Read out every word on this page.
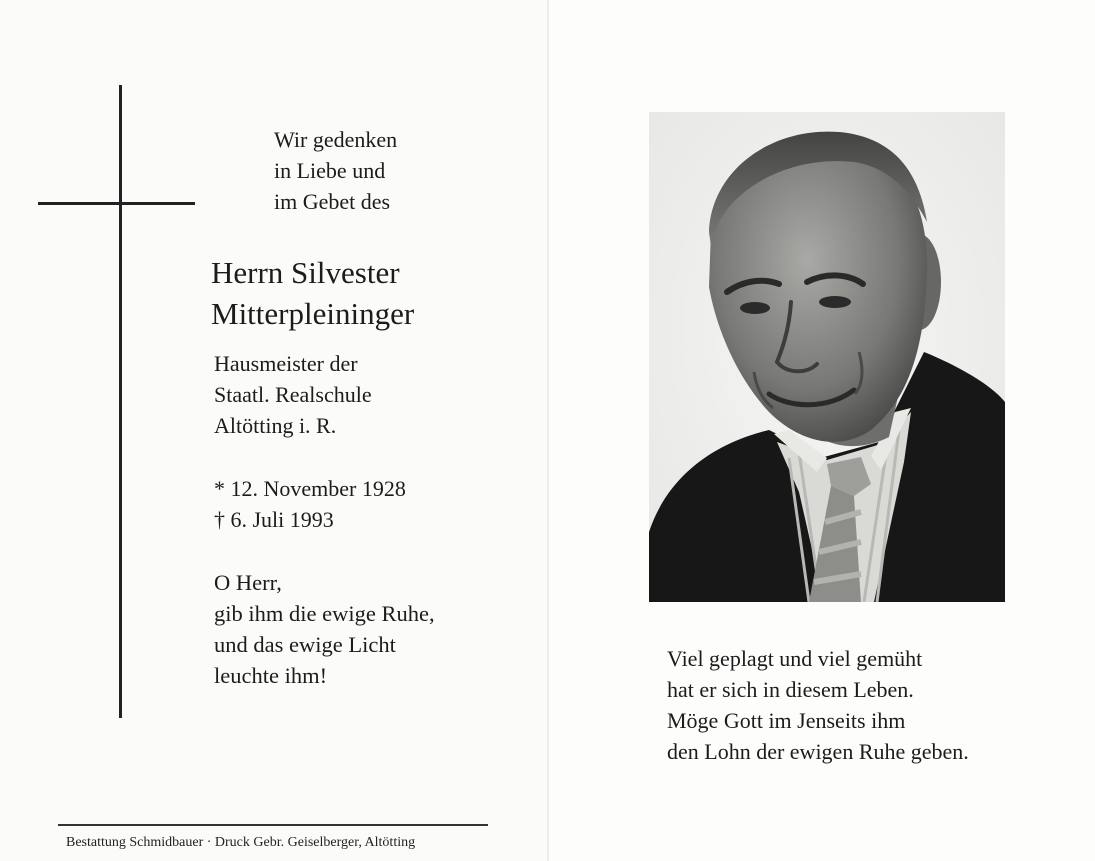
Wir gedenken
in Liebe und
im Gebet des
Herrn Silvester
Mitterpleininger
Hausmeister der
Staatl. Realschule
Altötting i. R.
* 12. November 1928
† 6. Juli 1993
O Herr,
gib ihm die ewige Ruhe,
und das ewige Licht
leuchte ihm!
Bestattung Schmidbauer · Druck Gebr. Geiselberger, Altötting
Viel geplagt und viel gemüht
hat er sich in diesem Leben.
Möge Gott im Jenseits ihm
den Lohn der ewigen Ruhe geben.
